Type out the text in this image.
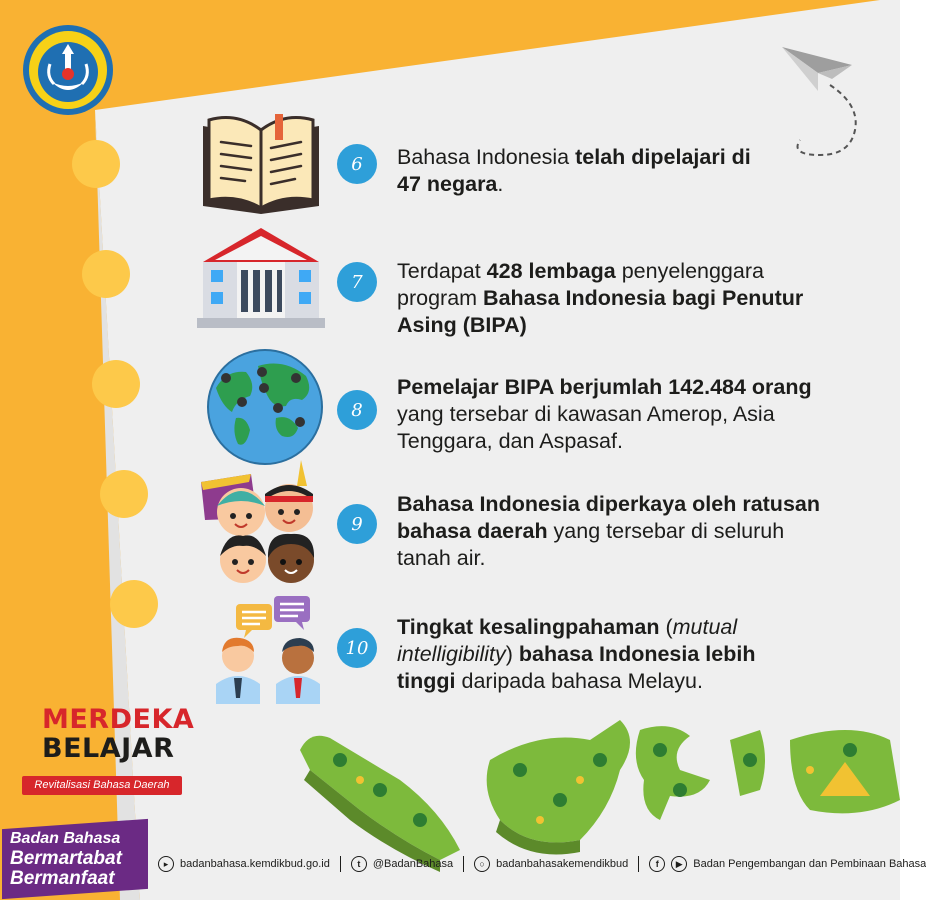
6	Bahasa Indonesia telah dipelajari di
47 negara.
7	Terdapat 428 lembaga penyelenggara
program Bahasa Indonesia bagi Penutur
Asing (BIPA)
8
Pemelajar BIPA berjumlah 142.484 orang
yang tersebar di kawasan Amerop, Asia
Tenggara, dan Aspasaf.
9
Bahasa Indonesia diperkaya oleh ratusan
bahasa daerah yang tersebar di seluruh
tanah air.
10
Tingkat kesalingpahaman (mutual
intelligibility) bahasa Indonesia lebih
tinggi daripada bahasa Melayu.
MERDEKA
BELAJAR
Revitalisasi Bahasa Daerah
Badan Bahasa
Bermartabat
Bermanfaat
▸	badanbahasa.kemdikbud.go.id	t	@BadanBahasa	○	badanbahasakemendikbud	f	▶ Badan Pengembangan dan Pembinaan Bahasa
